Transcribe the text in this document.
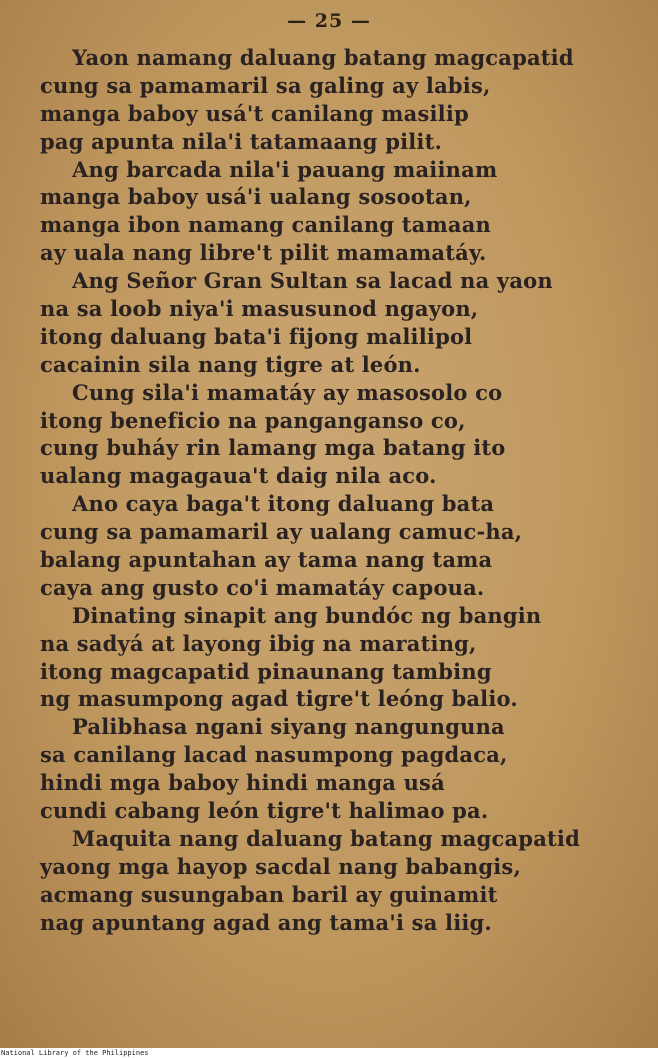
— 25 —
Yaon namang daluang batang magcapatid
cung sa pamamaril sa galing ay labis,
manga baboy usá't canilang masilip
pag apunta nila'i tatamaang pilit.
Ang barcada nila'i pauang maiinam
manga baboy usá'i ualang sosootan,
manga ibon namang canilang tamaan
ay uala nang libre't pilit mamamatáy.
Ang Señor Gran Sultan sa lacad na yaon
na sa loob niya'i masusunod ngayon,
itong daluang bata'i fijong malilipol
cacainin sila nang tigre at león.
Cung sila'i mamatáy ay masosolo co
itong beneficio na panganganso co,
cung buháy rin lamang mga batang ito
ualang magagaua't daig nila aco.
Ano caya baga't itong daluang bata
cung sa pamamaril ay ualang camuc-ha,
balang apuntahan ay tama nang tama
caya ang gusto co'i mamatáy capoua.
Dinating sinapit ang bundóc ng bangin
na sadyá at layong ibig na marating,
itong magcapatid pinaunang tambing
ng masumpong agad tigre't leóng balio.
Palibhasa ngani siyang nangunguna
sa canilang lacad nasumpong pagdaca,
hindi mga baboy hindi manga usá
cundi cabang león tigre't halimao pa.
Maquita nang daluang batang magcapatid
yaong mga hayop sacdal nang babangis,
acmang susungaban baril ay guinamit
nag apuntang agad ang tama'i sa liig.
National Library of the Philippines
